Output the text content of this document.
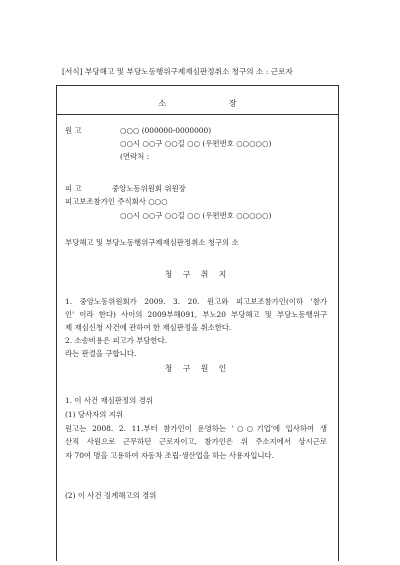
[서식] 부당해고 및 부당노동행위구제재심판정취소 청구의 소 : 근로자
소 장
원 고	○○○ (000000-0000000)
○○시 ○○구 ○○길 ○○ (우편번호 ○○○○○)
(연락처 :
피 고	중앙노동위원회 위원장
피고보조참가인 주식회사 ○○○
○○시 ○○구 ○○길 ○○ (우편번호 ○○○○○)
부당해고 및 부당노동행위구제재심판정취소 청구의 소
청 구 취 지
1. 중앙노동위원회가 2009. 3. 20. 원고와 피고보조참가인(이하 '참가
인' 이라 한다) 사이의 2009부해091, 부노20 부당해고 및 부당노동행위구
제 재심신청 사건에 관하여 한 재심판정을 취소한다.
2. 소송비용은 피고가 부담한다.
라는 판결을 구합니다.
청 구 원 인
1. 이 사건 재심판정의 경위
(1) 당사자의 지위
원고는 2008. 2. 11.부터 참가인이 운영하는 '○○기업'에 입사하여 생
산직 사원으로 근무하던 근로자이고, 참가인은 위 주소지에서 상시근로
자 70여 명을 고용하여 자동차 조립·생산업을 하는 사용자입니다.
(2) 이 사건 징계해고의 경위
